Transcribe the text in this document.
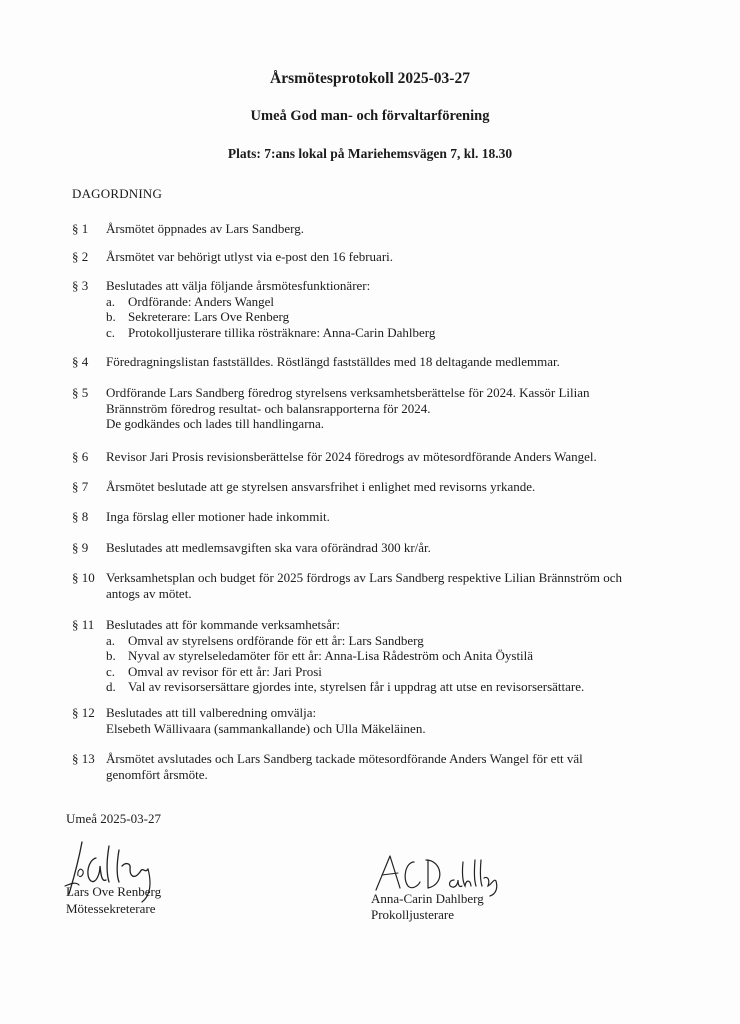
Årsmötesprotokoll 2025-03-27
Umeå God man- och förvaltarförening
Plats: 7:ans lokal på Mariehemsvägen 7, kl. 18.30
DAGORDNING
§ 1	Årsmötet öppnades av Lars Sandberg.
§ 2	Årsmötet var behörigt utlyst via e-post den 16 februari.
§ 3	Beslutades att välja följande årsmötesfunktionärer:
a. Ordförande: Anders Wangel
b. Sekreterare: Lars Ove Renberg
c. Protokolljusterare tillika rösträknare: Anna-Carin Dahlberg
§ 4	Föredragningslistan fastställdes. Röstlängd fastställdes med 18 deltagande medlemmar.
§ 5	Ordförande Lars Sandberg föredrog styrelsens verksamhetsberättelse för 2024. Kassör Lilian
Brännström föredrog resultat- och balansrapporterna för 2024.
De godkändes och lades till handlingarna.
§ 6	Revisor Jari Prosis revisionsberättelse för 2024 föredrogs av mötesordförande Anders Wangel.
§ 7	Årsmötet beslutade att ge styrelsen ansvarsfrihet i enlighet med revisorns yrkande.
§ 8	Inga förslag eller motioner hade inkommit.
§ 9	Beslutades att medlemsavgiften ska vara oförändrad 300 kr/år.
§ 10 Verksamhetsplan och budget för 2025 fördrogs av Lars Sandberg respektive Lilian Brännström och
antogs av mötet.
§ 11 Beslutades att för kommande verksamhetsår:
a. Omval av styrelsens ordförande för ett år: Lars Sandberg
b. Nyval av styrelseledamöter för ett år: Anna-Lisa Rådeström och Anita Öystilä
c. Omval av revisor för ett år: Jari Prosi
d. Val av revisorsersättare gjordes inte, styrelsen får i uppdrag att utse en revisorsersättare.
§ 12 Beslutades att till valberedning omvälja:
Elsebeth Wällivaara (sammankallande) och Ulla Mäkeläinen.
§ 13 Årsmötet avslutades och Lars Sandberg tackade mötesordförande Anders Wangel för ett väl
genomfört årsmöte.
Umeå 2025-03-27
Lars Ove Renberg
Mötessekreterare
Anna-Carin Dahlberg
Prokolljusterare
